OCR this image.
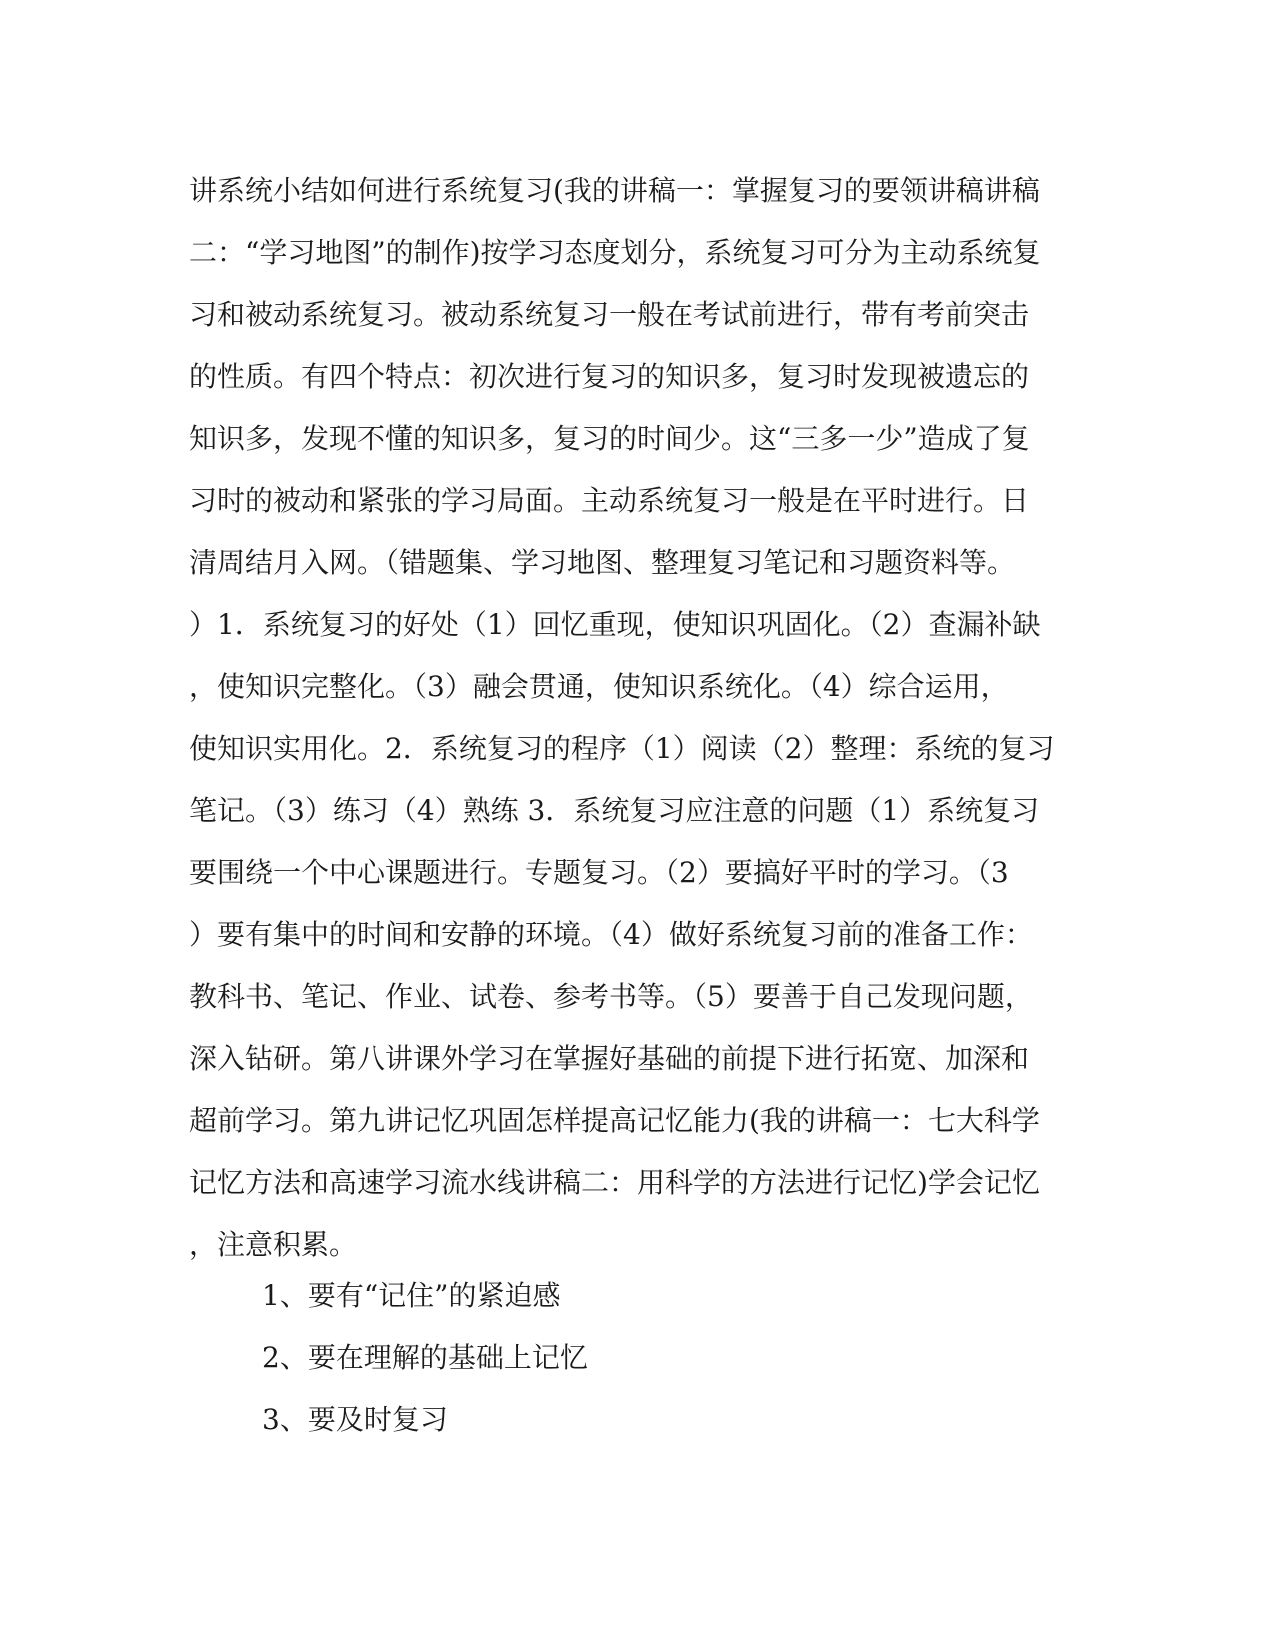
讲系统小结如何进行系统复习(我的讲稿一：掌握复习的要领讲稿讲稿
二：“学习地图”的制作)按学习态度划分，系统复习可分为主动系统复
习和被动系统复习。被动系统复习一般在考试前进行，带有考前突击
的性质。有四个特点：初次进行复习的知识多，复习时发现被遗忘的
知识多，发现不懂的知识多，复习的时间少。这“三多一少”造成了复
习时的被动和紧张的学习局面。主动系统复习一般是在平时进行。日
清周结月入网。（错题集、学习地图、整理复习笔记和习题资料等。
）1．系统复习的好处（1）回忆重现，使知识巩固化。（2）查漏补缺
，使知识完整化。（3）融会贯通，使知识系统化。（4）综合运用，
使知识实用化。2．系统复习的程序（1）阅读（2）整理：系统的复习
笔记。（3）练习（4）熟练 3．系统复习应注意的问题（1）系统复习
要围绕一个中心课题进行。专题复习。（2）要搞好平时的学习。（3
）要有集中的时间和安静的环境。（4）做好系统复习前的准备工作：
教科书、笔记、作业、试卷、参考书等。（5）要善于自己发现问题，
深入钻研。第八讲课外学习在掌握好基础的前提下进行拓宽、加深和
超前学习。第九讲记忆巩固怎样提高记忆能力(我的讲稿一：七大科学
记忆方法和高速学习流水线讲稿二：用科学的方法进行记忆)学会记忆
，注意积累。
1、要有“记住”的紧迫感
2、要在理解的基础上记忆
3、要及时复习
